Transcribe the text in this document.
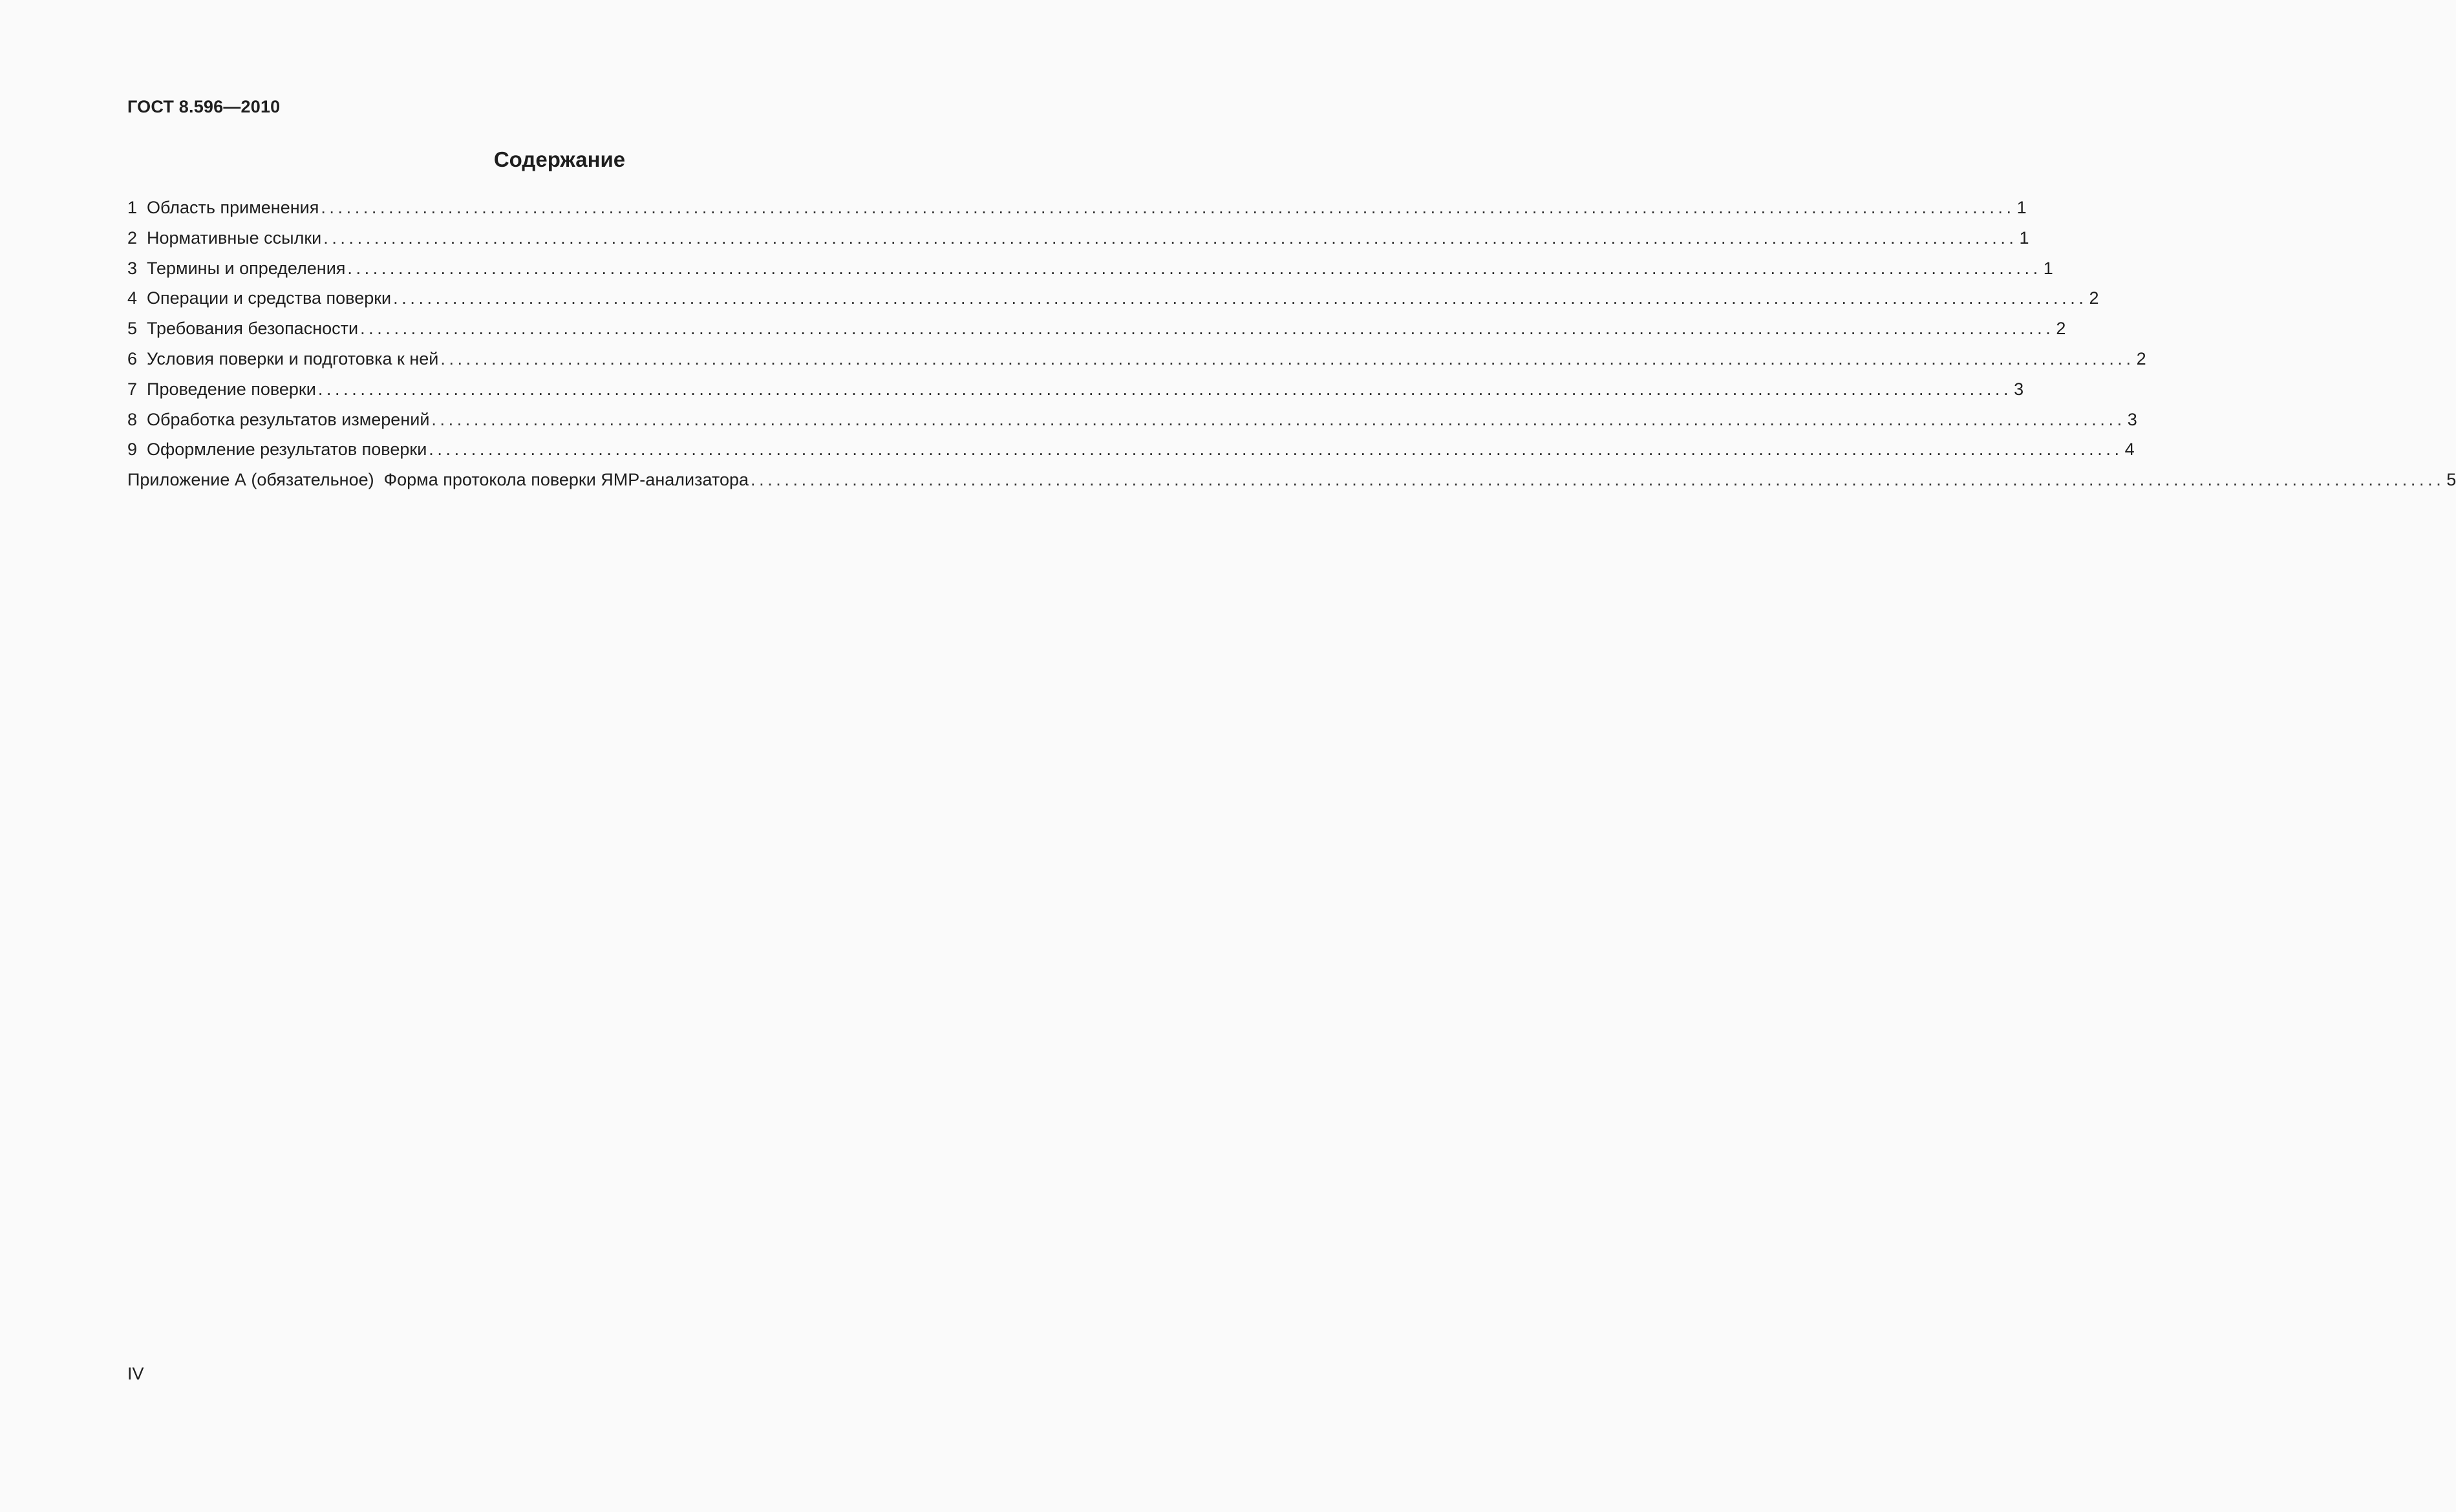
ГОСТ 8.596—2010
Содержание
1 Область применения ........................................................................................................................................................................................................ 1
2 Нормативные ссылки ........................................................................................................................................................................................................ 1
3 Термины и определения ........................................................................................................................................................................................................ 1
4 Операции и средства поверки ........................................................................................................................................................................................................ 2
5 Требования безопасности ........................................................................................................................................................................................................ 2
6 Условия поверки и подготовка к ней ........................................................................................................................................................................................................ 2
7 Проведение поверки ........................................................................................................................................................................................................ 3
8 Обработка результатов измерений ........................................................................................................................................................................................................ 3
9 Оформление результатов поверки ........................................................................................................................................................................................................ 4
Приложение А (обязательное)  Форма протокола поверки ЯМР-анализатора ........................................................................................................................................................................................................ 5
IV
